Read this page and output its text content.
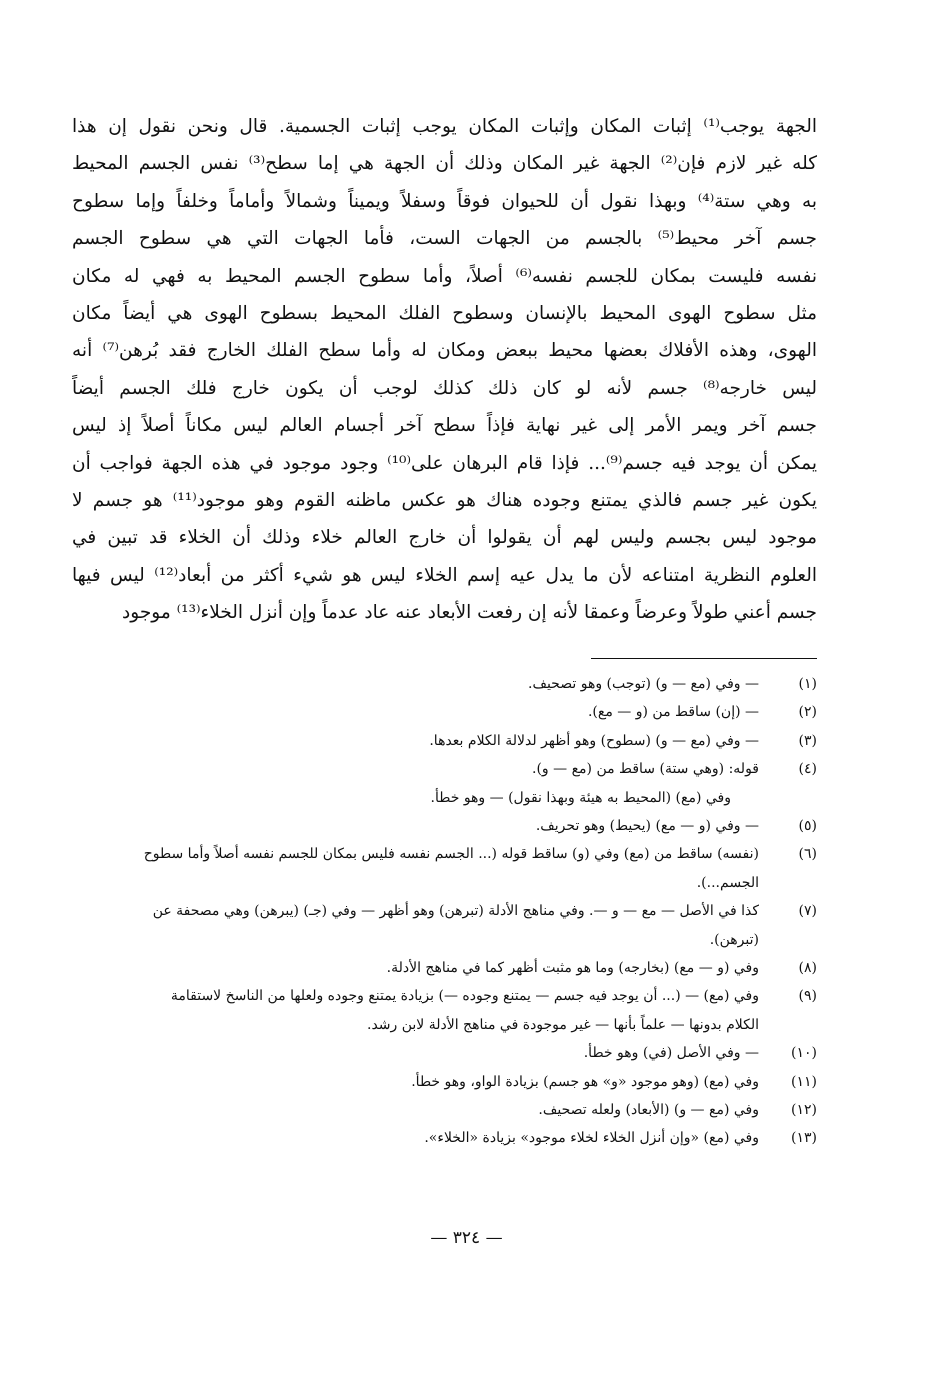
الجهة يوجب⁽¹⁾ إثبات المكان وإثبات المكان يوجب إثبات الجسمية. قال ونحن نقول إن هذا
كله غير لازم فإن⁽²⁾ الجهة غير المكان وذلك أن الجهة هي إما سطح⁽³⁾ نفس الجسم المحيط
به وهي ستة⁽⁴⁾ وبهذا نقول أن للحيوان فوقاً وسفلاً ويميناً وشمالاً وأماماً وخلفاً وإما سطوح
جسم آخر محيط⁽⁵⁾ بالجسم من الجهات الست، فأما الجهات التي هي سطوح الجسم
نفسه فليست بمكان للجسم نفسه⁽⁶⁾ أصلاً، وأما سطوح الجسم المحيط به فهي له مكان
مثل سطوح الهوى المحيط بالإنسان وسطوح الفلك المحيط بسطوح الهوى هي أيضاً مكان
الهوى، وهذه الأفلاك بعضها محيط ببعض ومكان له وأما سطح الفلك الخارج فقد بُرهن⁽⁷⁾ أنه
ليس خارجه⁽⁸⁾ جسم لأنه لو كان ذلك كذلك لوجب أن يكون خارج فلك الجسم أيضاً
جسم آخر ويمر الأمر إلى غير نهاية فإذاً سطح آخر أجسام العالم ليس مكاناً أصلاً إذ ليس
يمكن أن يوجد فيه جسم⁽⁹⁾... فإذا قام البرهان على⁽¹⁰⁾ وجود موجود في هذه الجهة فواجب أن
يكون غير جسم فالذي يمتنع وجوده هناك هو عكس ماظنه القوم وهو موجود⁽¹¹⁾ هو جسم لا
موجود ليس بجسم وليس لهم أن يقولوا أن خارج العالم خلاء وذلك أن الخلاء قد تبين في
العلوم النظرية امتناعه لأن ما يدل عيه إسم الخلاء ليس هو شيء أكثر من أبعاد⁽¹²⁾ ليس فيها
جسم أعني طولاً وعرضاً وعمقا لأنه إن رفعت الأبعاد عنه عاد عدماً وإن أنزل الخلاء⁽¹³⁾ موجود
(١)
— وفي (مع — و) (توجب) وهو تصحيف.
(٢)
— (إن) ساقط من (و — مع).
(٣)
— وفي (مع — و) (سطوح) وهو أظهر لدلالة الكلام بعدها.
(٤)
قوله: (وهي ستة) ساقط من (مع — و).
وفي (مع) (المحيط به هيئة وبهذا نقول) — وهو خطأ.
(٥)
— وفي (و — مع) (يحيط) وهو تحريف.
(٦)
(نفسه) ساقط من (مع) وفي (و) ساقط قوله (... الجسم نفسه فليس بمكان للجسم نفسه أصلاً وأما سطوح
الجسم...).
(٧)
كذا في الأصل — مع — و —. وفي مناهج الأدلة (تبرهن) وهو أظهر — وفي (جـ) (يبرهن) وهي مصحفة عن
(تبرهن).
(٨)
وفي (و — مع) (بخارجه) وما هو مثبت أظهر كما في مناهج الأدلة.
(٩)
وفي (مع) — (... أن يوجد فيه جسم — يمتنع وجوده —) بزيادة يمتنع وجوده ولعلها من الناسخ لاستقامة
الكلام بدونها — علماً بأنها — غير موجودة في مناهج الأدلة لابن رشد.
(١٠)
— وفي الأصل (في) وهو خطأ.
(١١)
وفي (مع) (وهو موجود «و» هو جسم) بزيادة الواو، وهو خطأ.
(١٢)
وفي (مع — و) (الأبعاد) ولعله تصحيف.
(١٣)
وفي (مع) «وإن أنزل الخلاء لخلاء موجود» بزيادة «الخلاء».
— ٣٢٤ —
